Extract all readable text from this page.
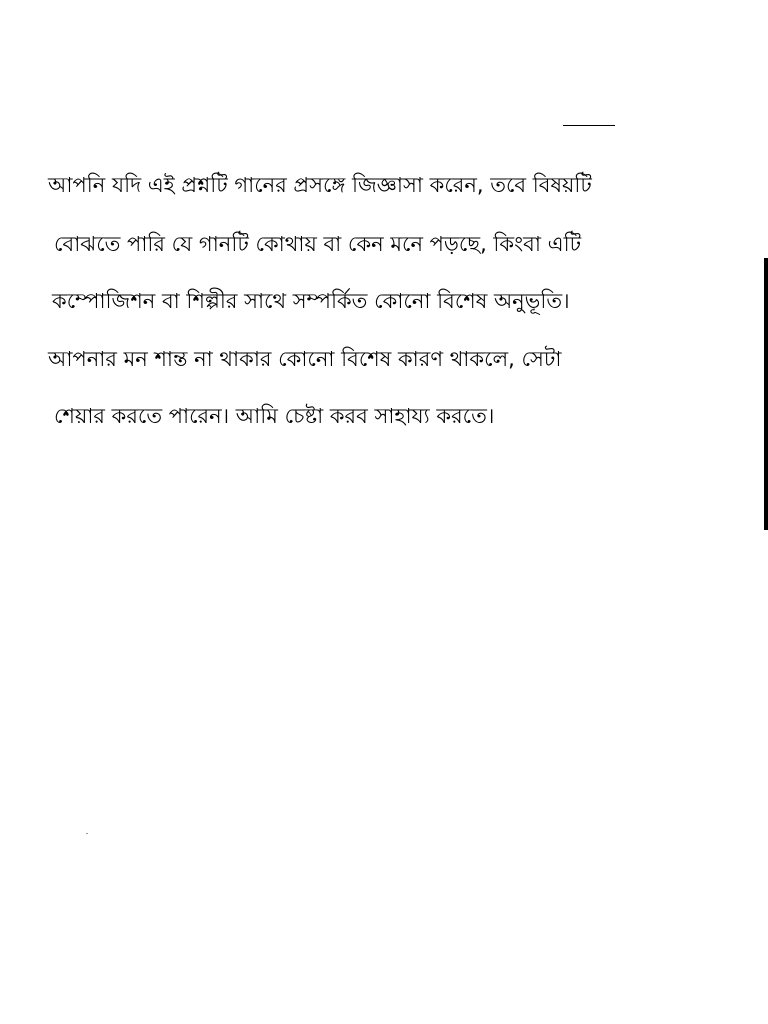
আপনি যদি এই প্রশ্নটি গানের প্রসঙ্গে জিজ্ঞাসা করেন, তবে বিষয়টি
বোঝতে পারি যে গানটি কোথায় বা কেন মনে পড়ছে, কিংবা এটি
কম্পোজিশন বা শিল্পীর সাথে সম্পর্কিত কোনো বিশেষ অনুভূতি।
আপনার মন শান্ত না থাকার কোনো বিশেষ কারণ থাকলে, সেটা
শেয়ার করতে পারেন। আমি চেষ্টা করব সাহায্য করতে।
